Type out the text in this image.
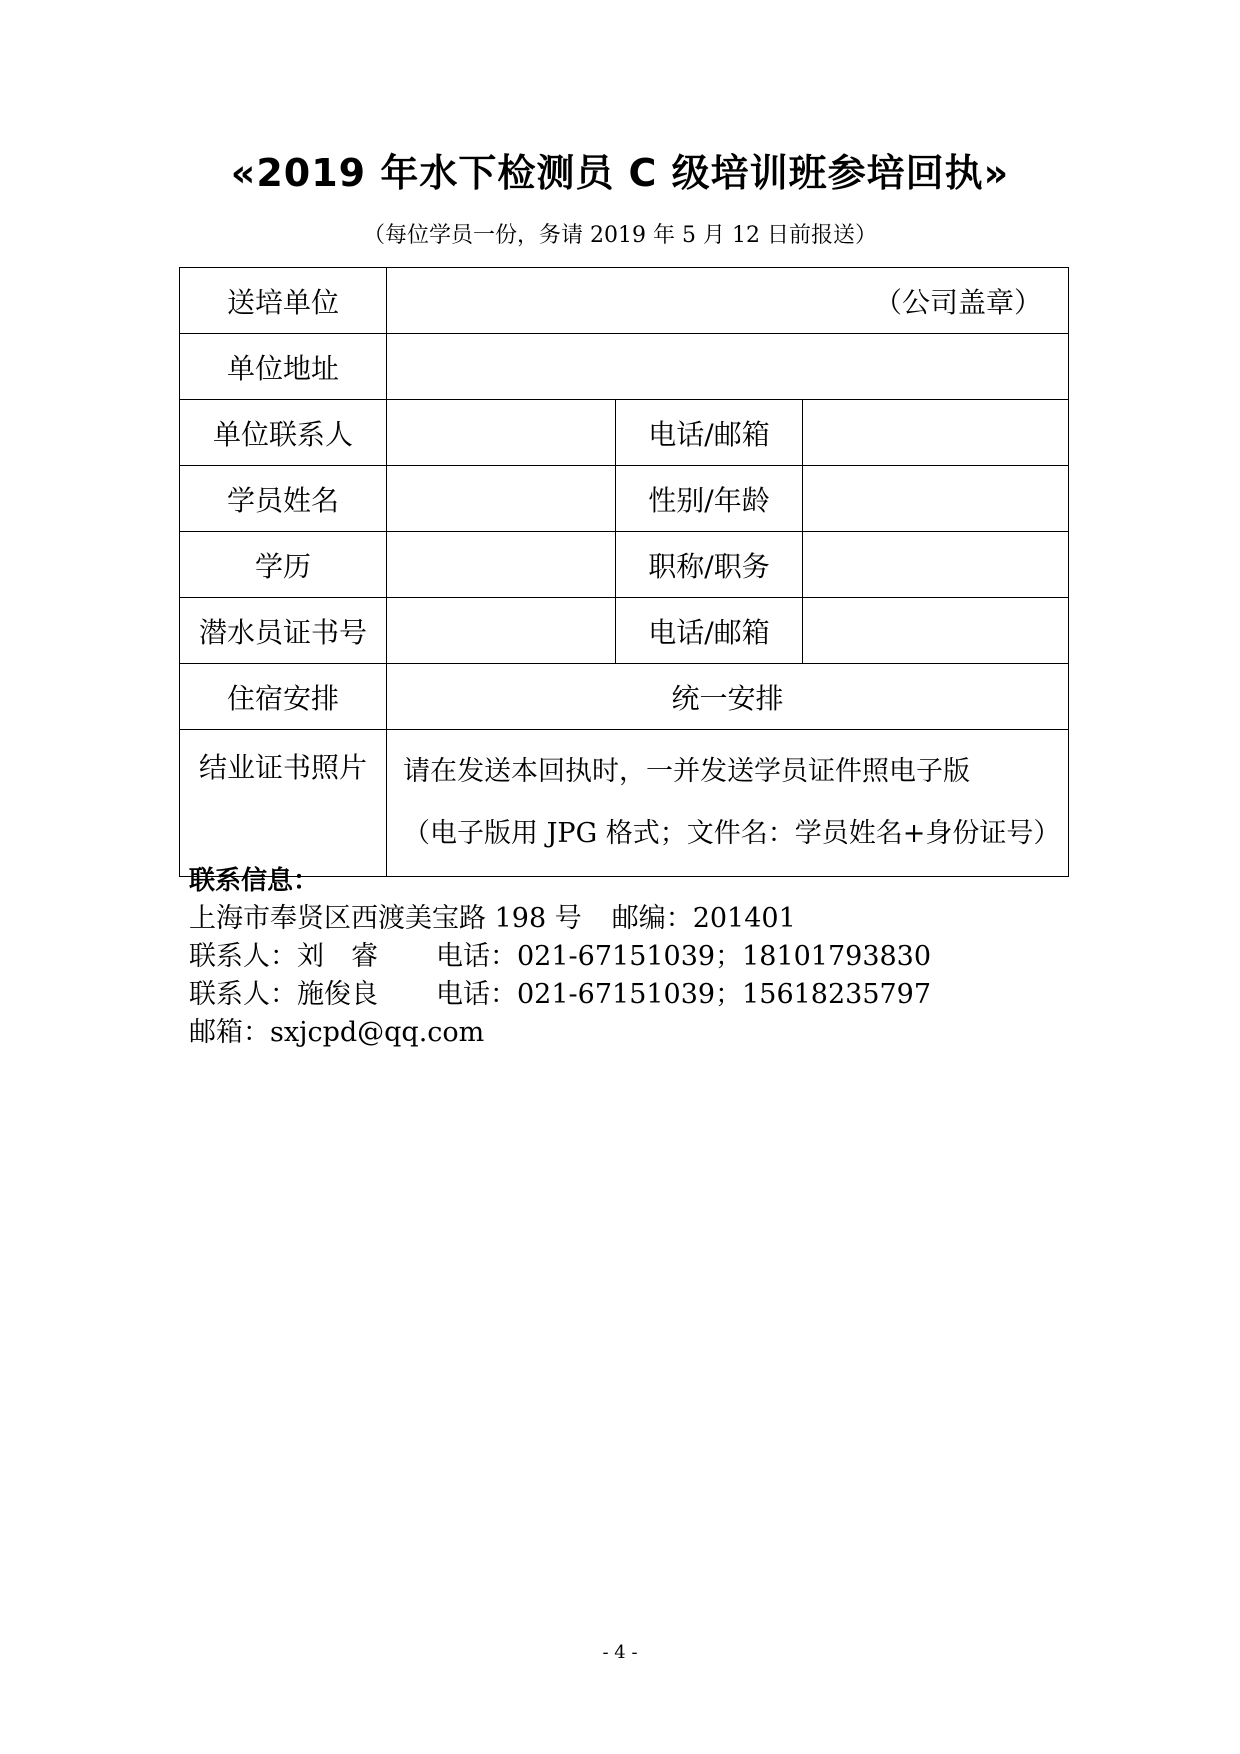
«2019 年水下检测员 C 级培训班参培回执»
（每位学员一份，务请 2019 年 5 月 12 日前报送）
送培单位	（公司盖章）		
单位地址			
单位联系人		电话/邮箱	
学员姓名		性别/年龄	
学历		职称/职务	
潜水员证书号		电话/邮箱	
住宿安排	统一安排		
结业证书照片	请在发送本回执时，一并发送学员证件照电子版
（电子版用 JPG 格式；文件名：学员姓名+身份证号）		
联系信息：
上海市奉贤区西渡美宝路 198 号 邮编：201401
联系人：刘　睿 电话：021-67151039；18101793830
联系人：施俊良 电话：021-67151039；15618235797
邮箱：sxjcpd@qq.com
- 4 -
